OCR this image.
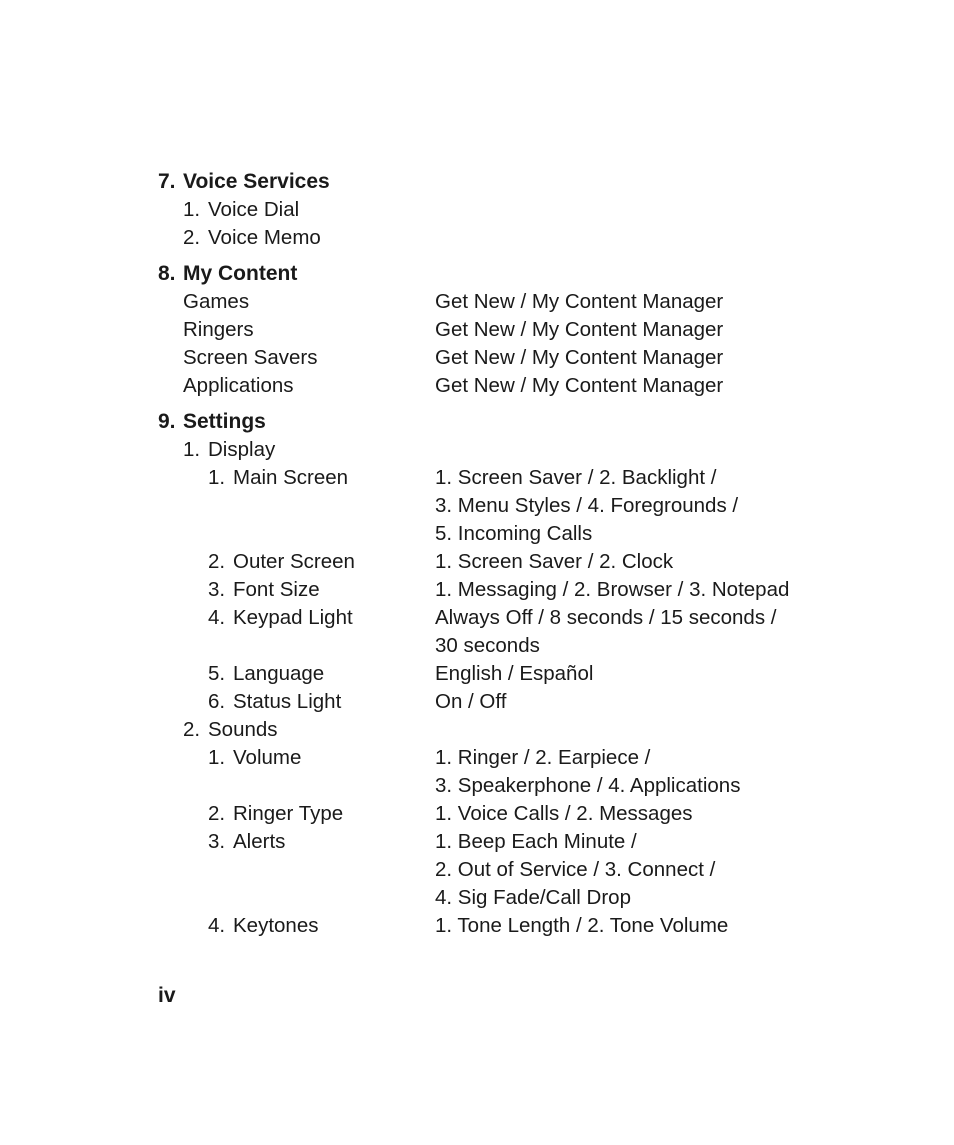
7. Voice Services
1. Voice Dial
2. Voice Memo
8. My Content
Games	Get New / My Content Manager
Ringers	Get New / My Content Manager
Screen Savers	Get New / My Content Manager
Applications	Get New / My Content Manager
9. Settings
1. Display
1. Main Screen	1. Screen Saver / 2. Backlight /
3. Menu Styles / 4. Foregrounds /
5. Incoming Calls
2. Outer Screen	1. Screen Saver / 2. Clock
3. Font Size	1. Messaging / 2. Browser / 3. Notepad
4. Keypad Light	Always Off / 8 seconds / 15 seconds /
30 seconds
5. Language	English / Español
6. Status Light	On / Off
2. Sounds
1. Volume	1. Ringer / 2. Earpiece /
3. Speakerphone / 4. Applications
2. Ringer Type	1. Voice Calls / 2. Messages
3. Alerts	1. Beep Each Minute /
2. Out of Service / 3. Connect /
4. Sig Fade/Call Drop
4. Keytones	1. Tone Length / 2. Tone Volume
iv
